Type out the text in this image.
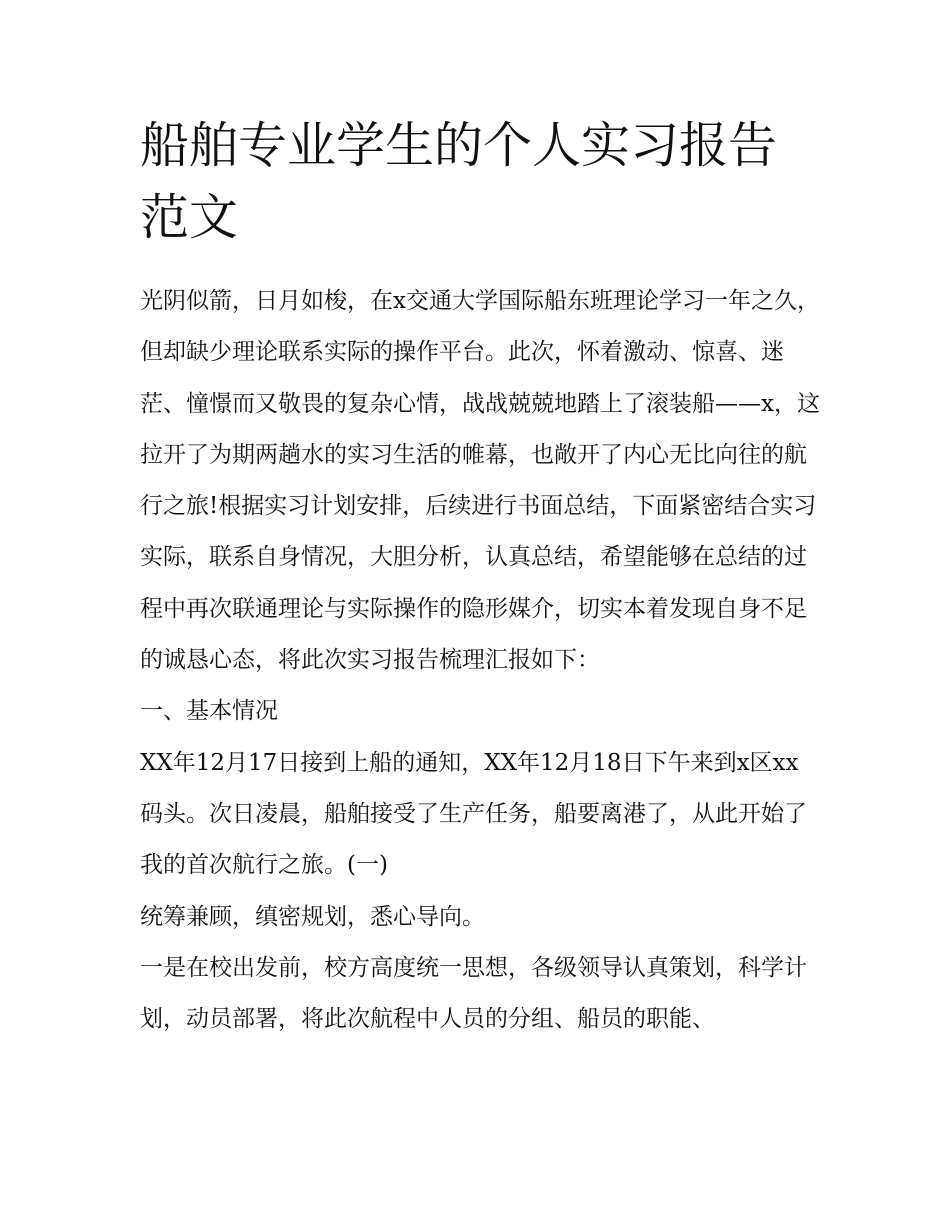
船舶专业学生的个人实习报告范文

光阴似箭，日月如梭，在x交通大学国际船东班理论学习一年之久，但却缺少理论联系实际的操作平台。此次，怀着激动、惊喜、迷茫、憧憬而又敬畏的复杂心情，战战兢兢地踏上了滚装船——x，这拉开了为期两趟水的实习生活的帷幕，也敞开了内心无比向往的航行之旅!根据实习计划安排，后续进行书面总结，下面紧密结合实习实际，联系自身情况，大胆分析，认真总结，希望能够在总结的过程中再次联通理论与实际操作的隐形媒介，切实本着发现自身不足的诚恳心态，将此次实习报告梳理汇报如下：

一、基本情况

XX年12月17日接到上船的通知，XX年12月18日下午来到x区xx码头。次日凌晨，船舶接受了生产任务，船要离港了，从此开始了我的首次航行之旅。(一)

统筹兼顾，缜密规划，悉心导向。

一是在校出发前，校方高度统一思想，各级领导认真策划，科学计划，动员部署，将此次航程中人员的分组、船员的职能、
